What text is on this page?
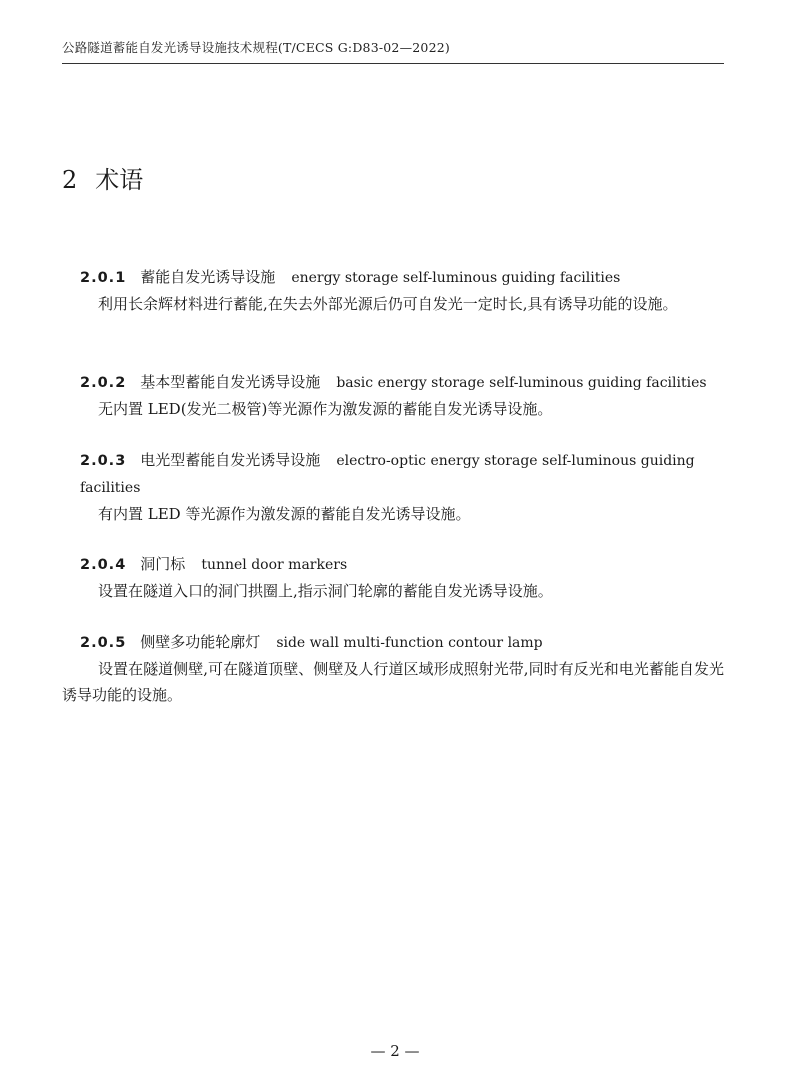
公路隧道蓄能自发光诱导设施技术规程(T/CECS G:D83-02—2022)
2 术语
2.0.1 蓄能自发光诱导设施 energy storage self-luminous guiding facilities
利用长余辉材料进行蓄能,在失去外部光源后仍可自发光一定时长,具有诱导功能的设施。
2.0.2 基本型蓄能自发光诱导设施 basic energy storage self-luminous guiding facilities
无内置 LED(发光二极管)等光源作为激发源的蓄能自发光诱导设施。
2.0.3 电光型蓄能自发光诱导设施 electro-optic energy storage self-luminous guiding facilities
有内置 LED 等光源作为激发源的蓄能自发光诱导设施。
2.0.4 洞门标 tunnel door markers
设置在隧道入口的洞门拱圈上,指示洞门轮廓的蓄能自发光诱导设施。
2.0.5 侧壁多功能轮廓灯 side wall multi-function contour lamp
设置在隧道侧壁,可在隧道顶壁、侧壁及人行道区域形成照射光带,同时有反光和电光蓄能自发光诱导功能的设施。
— 2 —
